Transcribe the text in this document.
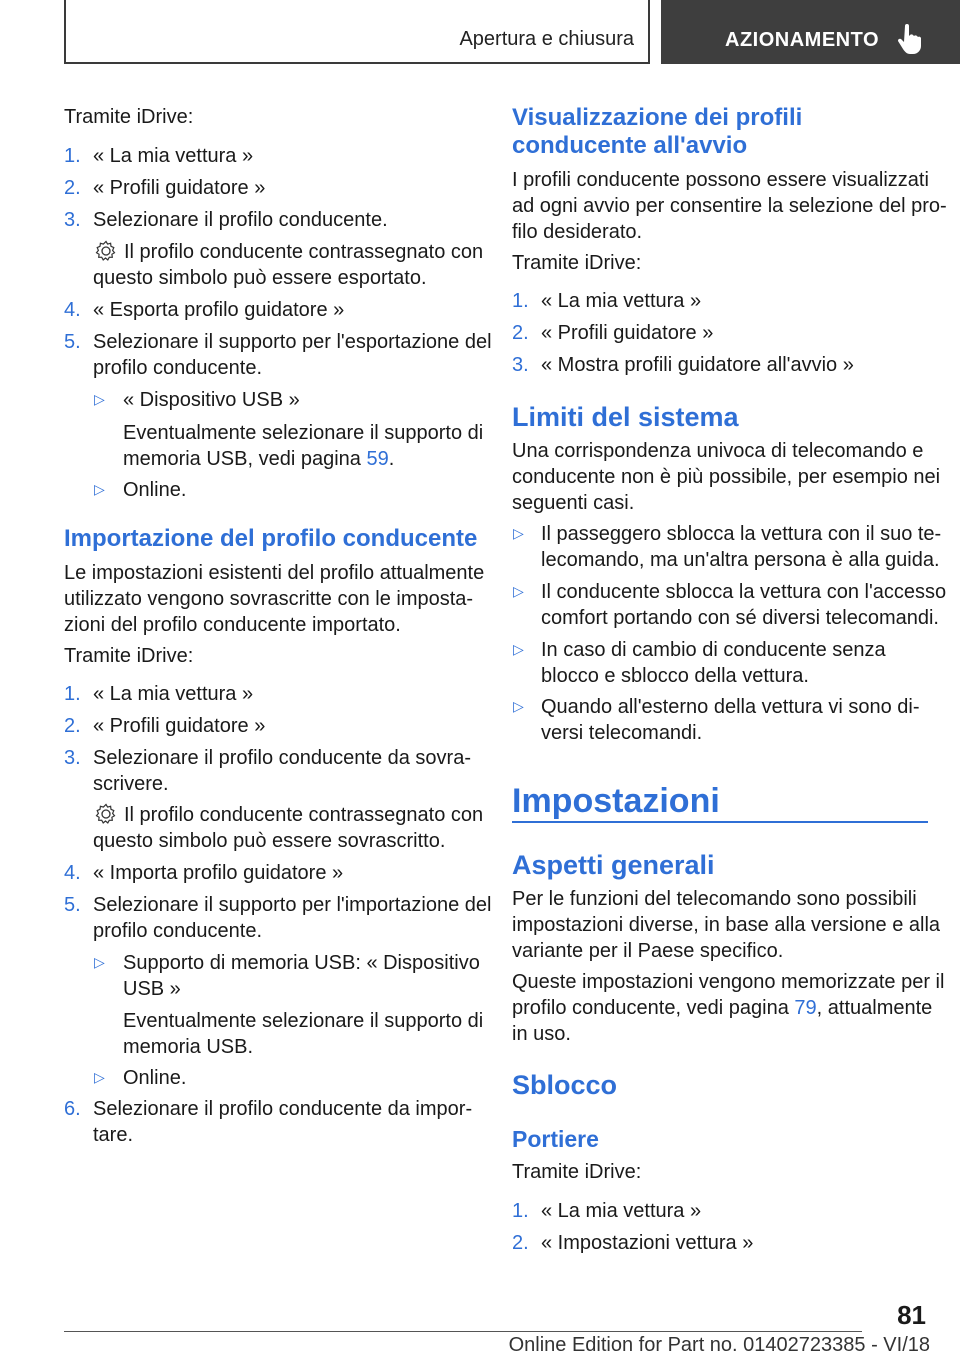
Apertura e chiusura	AZIONAMENTO

Tramite iDrive:

1. « La mia vettura »

2. « Profili guidatore »

3. Selezionare il profilo conducente.

Il profilo conducente contrassegnato con

questo simbolo può essere esportato.

4. « Esporta profilo guidatore »

5. Selezionare il supporto per l'esportazione del

profilo conducente.

▷ « Dispositivo USB »

Eventualmente selezionare il supporto di

memoria USB, vedi pagina 59.

▷ Online.

Importazione del profilo conducente

Le impostazioni esistenti del profilo attualmente

utilizzato vengono sovrascritte con le imposta-

zioni del profilo conducente importato.

Tramite iDrive:

1. « La mia vettura »

2. « Profili guidatore »

3. Selezionare il profilo conducente da sovra-

scrivere.

Il profilo conducente contrassegnato con

questo simbolo può essere sovrascritto.

4. « Importa profilo guidatore »

5. Selezionare il supporto per l'importazione del

profilo conducente.

▷ Supporto di memoria USB: « Dispositivo

USB »

Eventualmente selezionare il supporto di

memoria USB.

▷ Online.

6. Selezionare il profilo conducente da impor-

tare.

Visualizzazione dei profili
conducente all'avvio

I profili conducente possono essere visualizzati

ad ogni avvio per consentire la selezione del pro-

filo desiderato.

Tramite iDrive:

1. « La mia vettura »

2. « Profili guidatore »

3. « Mostra profili guidatore all'avvio »

Limiti del sistema

Una corrispondenza univoca di telecomando e

conducente non è più possibile, per esempio nei

seguenti casi.

▷ Il passeggero sblocca la vettura con il suo te-

lecomando, ma un'altra persona è alla guida.

▷ Il conducente sblocca la vettura con l'accesso

comfort portando con sé diversi telecomandi.

▷ In caso di cambio di conducente senza

blocco e sblocco della vettura.

▷ Quando all'esterno della vettura vi sono di-

versi telecomandi.

Impostazioni
Aspetti generali

Per le funzioni del telecomando sono possibili

impostazioni diverse, in base alla versione e alla

variante per il Paese specifico.

Queste impostazioni vengono memorizzate per il

profilo conducente, vedi pagina 79, attualmente

in uso.

Sblocco
Portiere

Tramite iDrive:

1. « La mia vettura »

2. « Impostazioni vettura »

81
Online Edition for Part no. 01402723385 - VI/18
